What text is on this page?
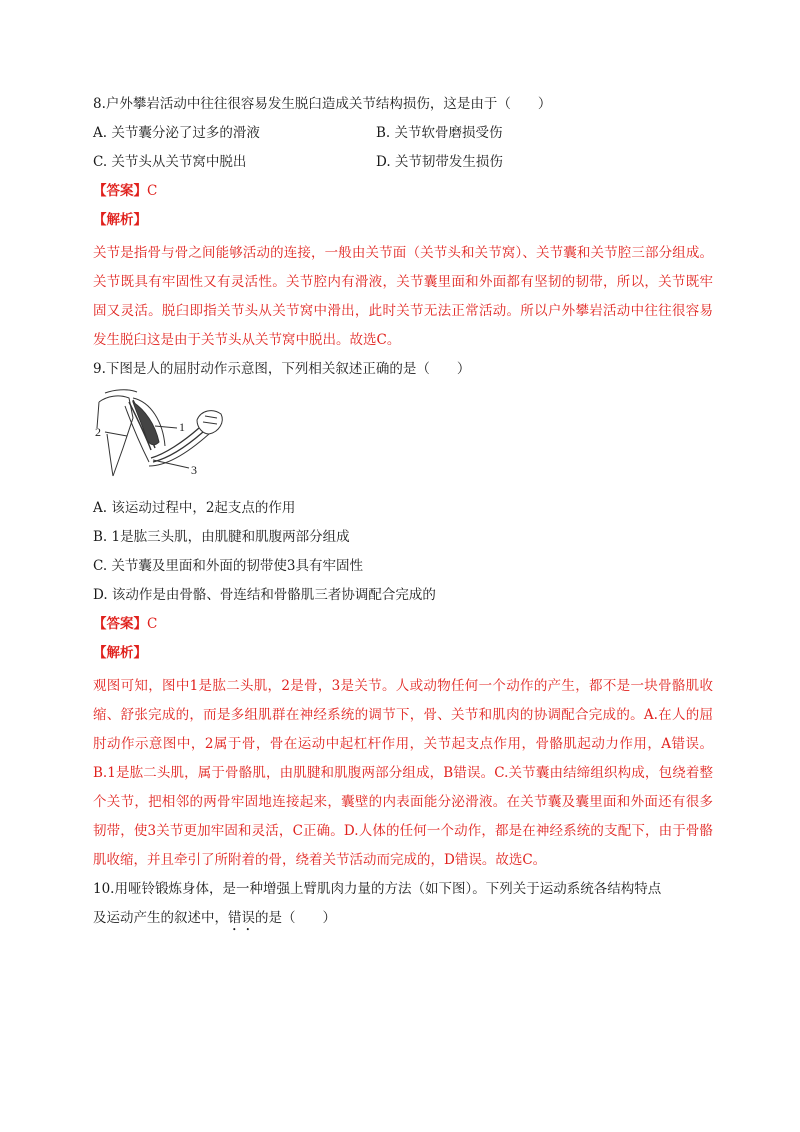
8.户外攀岩活动中往往很容易发生脱臼造成关节结构损伤，这是由于（　　）
A. 关节囊分泌了过多的滑液	B. 关节软骨磨损受伤
C. 关节头从关节窝中脱出	D. 关节韧带发生损伤
【答案】C
【解析】
关节是指骨与骨之间能够活动的连接，一般由关节面（关节头和关节窝）、关节囊和关节腔三部分组成。关节既具有牢固性又有灵活性。关节腔内有滑液，关节囊里面和外面都有坚韧的韧带，所以，关节既牢固又灵活。脱臼即指关节头从关节窝中滑出，此时关节无法正常活动。所以户外攀岩活动中往往很容易发生脱臼这是由于关节头从关节窝中脱出。故选C。
9.下图是人的屈肘动作示意图，下列相关叙述正确的是（　　）
1
2
3
A. 该运动过程中，2起支点的作用
B. 1是肱三头肌，由肌腱和肌腹两部分组成
C. 关节囊及里面和外面的韧带使3具有牢固性
D. 该动作是由骨骼、骨连结和骨骼肌三者协调配合完成的
【答案】C
【解析】
观图可知，图中1是肱二头肌，2是骨，3是关节。人或动物任何一个动作的产生，都不是一块骨骼肌收缩、舒张完成的，而是多组肌群在神经系统的调节下，骨、关节和肌肉的协调配合完成的。A.在人的屈肘动作示意图中，2属于骨，骨在运动中起杠杆作用，关节起支点作用，骨骼肌起动力作用，A错误。B.1是肱二头肌，属于骨骼肌，由肌腱和肌腹两部分组成，B错误。C.关节囊由结缔组织构成，包绕着整个关节，把相邻的两骨牢固地连接起来，囊壁的内表面能分泌滑液。在关节囊及囊里面和外面还有很多韧带，使3关节更加牢固和灵活，C正确。D.人体的任何一个动作，都是在神经系统的支配下，由于骨骼肌收缩，并且牵引了所附着的骨，绕着关节活动而完成的，D错误。故选C。
10.用哑铃锻炼身体，是一种增强上臂肌肉力量的方法（如下图）。下列关于运动系统各结构特点
及运动产生的叙述中，错误的是（　　）
